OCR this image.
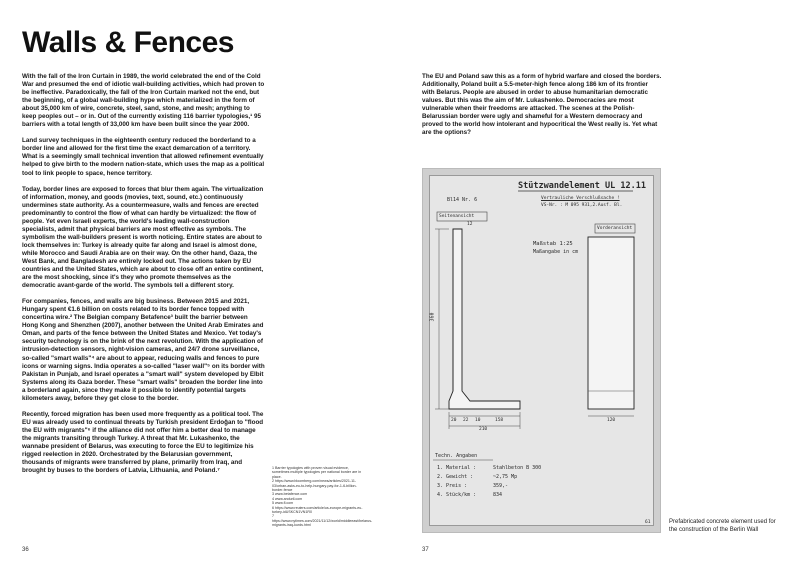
Walls & Fences

With the fall of the Iron Curtain in 1989, the world celebrated the end of the Cold War and presumed the end of idiotic wall-building activities, which had proven to be ineffective. Paradoxically, the fall of the Iron Curtain marked not the end, but the beginning, of a global wall-building hype which materialized in the form of about 35,000 km of wire, concrete, steel, sand, stone, and mesh; anything to keep peoples out – or in. Out of the currently existing 116 barrier typologies,¹ 95 barriers with a total length of 33,000 km have been built since the year 2000.

Land survey techniques in the eighteenth century reduced the borderland to a border line and allowed for the first time the exact demarcation of a territory. What is a seemingly small technical invention that allowed refinement eventually helped to give birth to the modern nation-state, which uses the map as a political tool to link people to space, hence territory.

Today, border lines are exposed to forces that blur them again. The virtualization of information, money, and goods (movies, text, sound, etc.) continuously undermines state authority. As a countermeasure, walls and fences are erected predominantly to control the flow of what can hardly be virtualized: the flow of people. Yet even Israeli experts, the world's leading wall-construction specialists, admit that physical barriers are most effective as symbols. The symbolism the wall-builders present is worth noticing. Entire states are about to lock themselves in: Turkey is already quite far along and Israel is almost done, while Morocco and Saudi Arabia are on their way. On the other hand, Gaza, the West Bank, and Bangladesh are entirely locked out. The actions taken by EU countries and the United States, which are about to close off an entire continent, are the most shocking, since it's they who promote themselves as the democratic avant-garde of the world. The symbols tell a different story.

For companies, fences, and walls are big business. Between 2015 and 2021, Hungary spent €1.6 billion on costs related to its border fence topped with concertina wire.² The Belgian company Betafence³ built the barrier between Hong Kong and Shenzhen (2007), another between the United Arab Emirates and Oman, and parts of the fence between the United States and Mexico. Yet today's security technology is on the brink of the next revolution. With the application of intrusion-detection sensors, night-vision cameras, and 24/7 drone surveillance, so-called "smart walls"⁴ are about to appear, reducing walls and fences to pure icons or warning signs. India operates a so-called "laser wall"⁵ on its border with Pakistan in Punjab, and Israel operates a "smart wall" system developed by Elbit Systems along its Gaza border. These "smart walls" broaden the border line into a borderland again, since they make it possible to identify potential targets kilometers away, before they get close to the border.

Recently, forced migration has been used more frequently as a political tool. The EU was already used to continual threats by Turkish president Erdoğan to "flood the EU with migrants"⁶ if the alliance did not offer him a better deal to manage the migrants transiting through Turkey. A threat that Mr. Lukashenko, the wannabe president of Belarus, was executing to force the EU to legitimize his rigged reelection in 2020. Orchestrated by the Belarusian government, thousands of migrants were transferred by plane, primarily from Iraq, and brought by buses to the borders of Latvia, Lithuania, and Poland.⁷	1 Barrier typologies with proven visual evidence, sometimes multiple typologies per national border are in place.
2 https://www.bloomberg.com/news/articles/2021-11-03/orban-asks-eu-to-help-hungary-pay-for-1-6-billion-border-fence
3 www.betafence.com
4 www.anduril.com
5 www.fl.com
6 https://www.reuters.com/article/us-europe-migrants-eu-turkey-idUSKCN1VN1R0
7 https://www.nytimes.com/2021/11/12/world/middleeast/belarus-migrants-iraq-kurds.html
36

The EU and Poland saw this as a form of hybrid warfare and closed the borders. Additionally, Poland built a 5.5-meter-high fence along 186 km of its frontier with Belarus. People are abused in order to abuse humanitarian democratic values. But this was the aim of Mr. Lukashenko. Democracies are most vulnerable when their freedoms are attacked. The scenes at the Polish-Belarussian border were ugly and shameful for a Western democracy and proved to the world how intolerant and hypocritical the West really is. Yet what are the options?

Stützwandelement UL 12.11
Bl14 Nr. 6	Vertrauliche Verschlußsache !
VS-Nr. : M 095 931,2.Ausf. Bl.
Seitenansicht
Vorderansicht
Maßstab 1:25
Maßangabe in cm
12
360
20 22 10	158
210
120
Techn. Angaben
1. Material :	Stahlbeton B 300
2. Gewicht :	~2,75 Mp
3. Preis :	359,-
4. Stück/km :	834
61	Prefabricated concrete element used for the construction of the Berlin Wall
37
